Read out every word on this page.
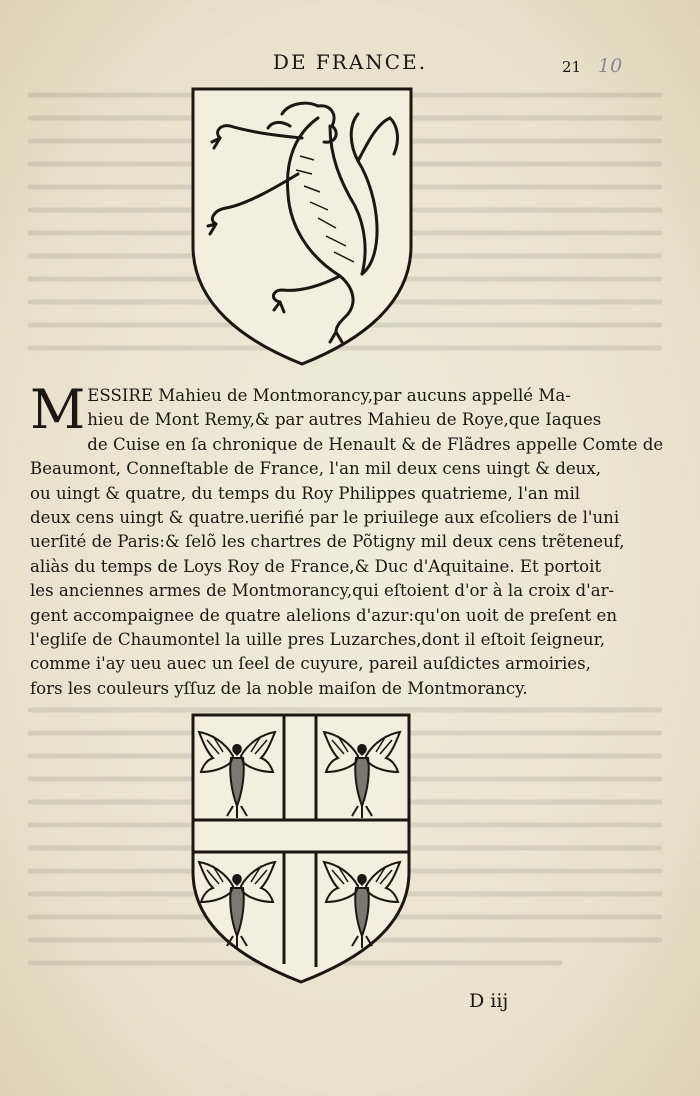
DE FRANCE.	21 10

M ESSIRE Mahieu de Montmorancy,par aucuns appellé Ma-
hieu de Mont Remy,& par autres Mahieu de Roye,que Iaques
de Cuise en ſa chronique de Henault & de Flãdres appelle Comte de
Beaumont, Conneſtable de France, l'an mil deux cens uingt & deux,
ou uingt & quatre, du temps du Roy Philippes quatrieme, l'an mil
deux cens uingt & quatre.uerifié par le priuilege aux eſcoliers de l'uni
uerſité de Paris:& ſelõ les chartres de Põtigny mil deux cens trẽteneuf,
aliàs du temps de Loys Roy de France,& Duc d'Aquitaine. Et portoit
les anciennes armes de Montmorancy,qui eſtoient d'or à la croix d'ar-
gent accompaignee de quatre alelions d'azur:qu'on uoit de preſent en
l'egliſe de Chaumontel la uille pres Luzarches,dont il eſtoit ſeigneur,
comme i'ay ueu auec un ſeel de cuyure, pareil auſdictes armoiries,
fors les couleurs yſſuz de la noble maiſon de Montmorancy.

D iij
